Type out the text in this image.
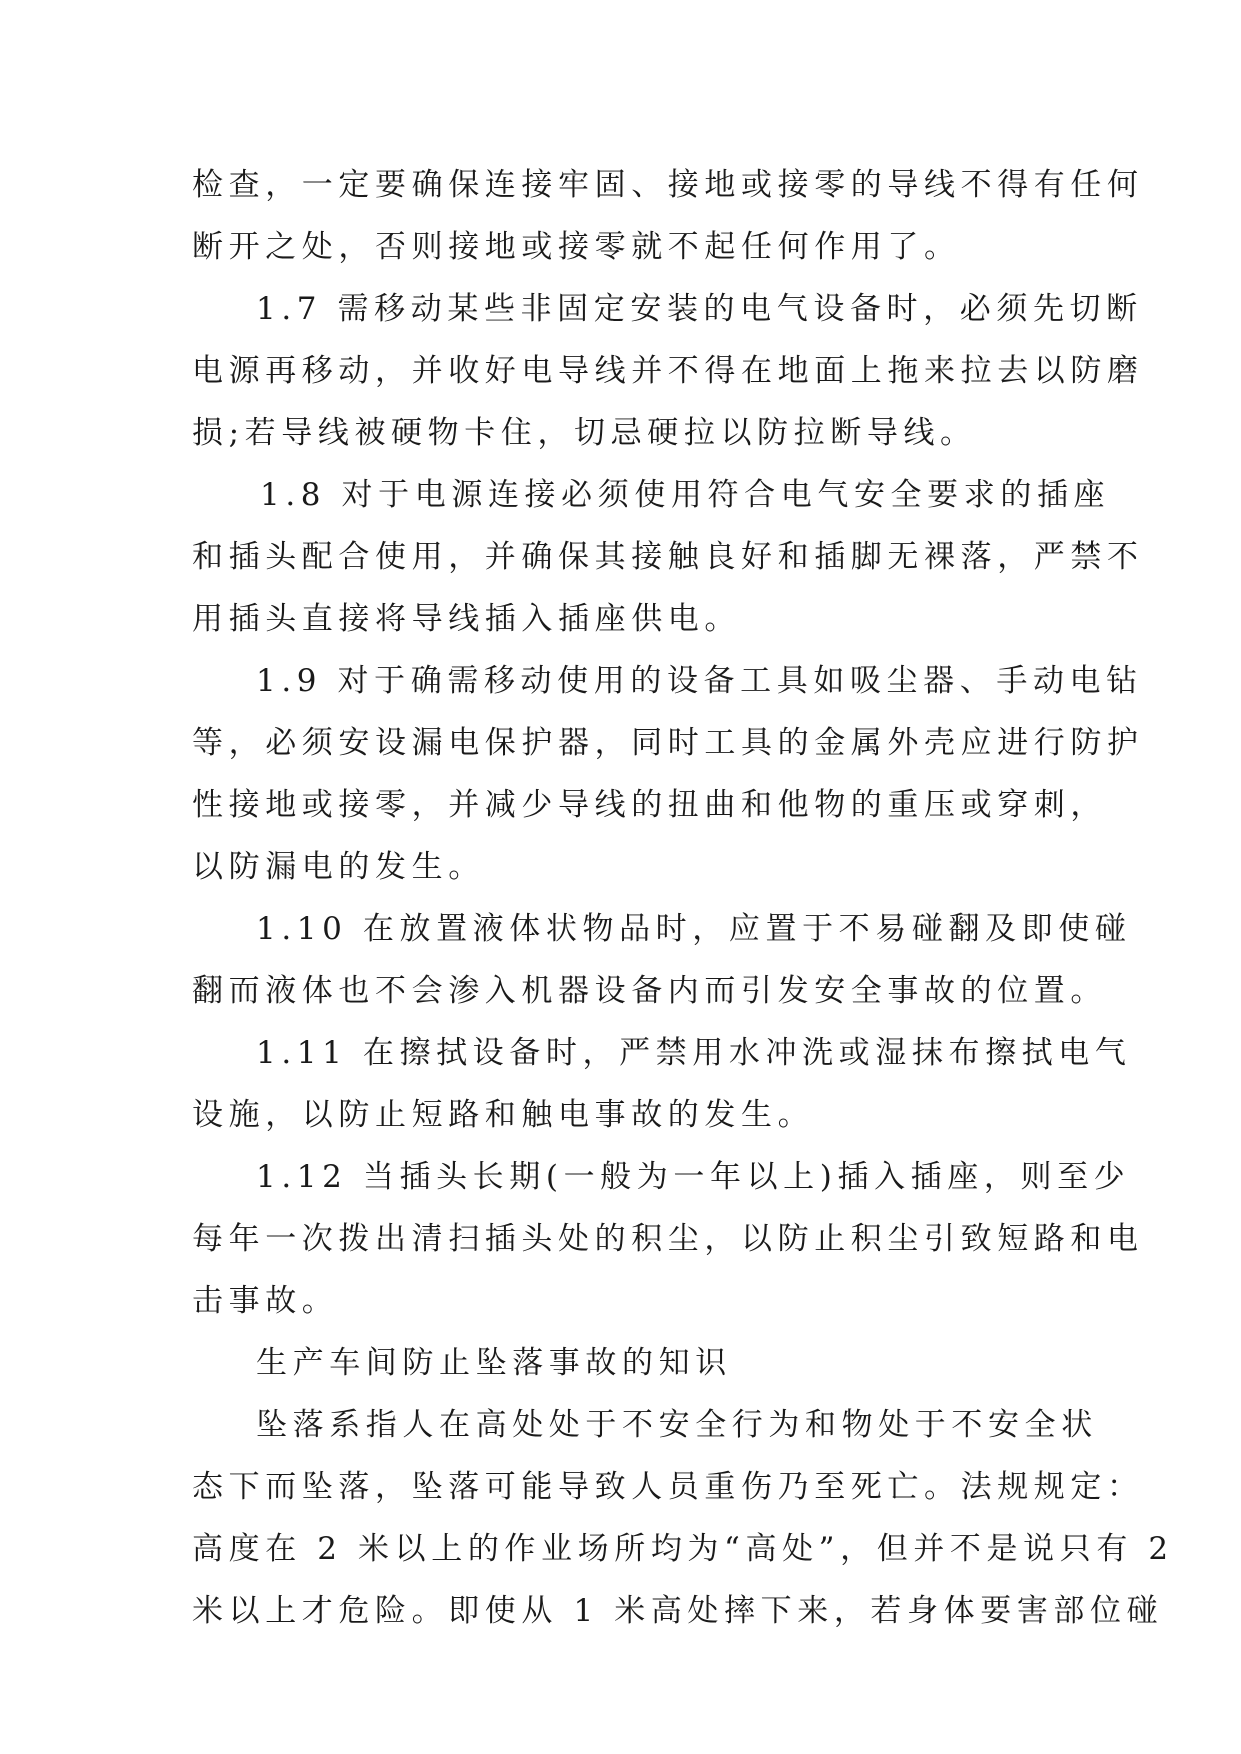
检查，一定要确保连接牢固、接地或接零的导线不得有任何
断开之处，否则接地或接零就不起任何作用了。
1.7 需移动某些非固定安装的电气设备时，必须先切断
电源再移动，并收好电导线并不得在地面上拖来拉去以防磨
损;若导线被硬物卡住，切忌硬拉以防拉断导线。
1.8 对于电源连接必须使用符合电气安全要求的插座
和插头配合使用，并确保其接触良好和插脚无裸落，严禁不
用插头直接将导线插入插座供电。
1.9 对于确需移动使用的设备工具如吸尘器、手动电钻
等，必须安设漏电保护器，同时工具的金属外壳应进行防护
性接地或接零，并减少导线的扭曲和他物的重压或穿刺，
以防漏电的发生。
1.10 在放置液体状物品时，应置于不易碰翻及即使碰
翻而液体也不会渗入机器设备内而引发安全事故的位置。
1.11 在擦拭设备时，严禁用水冲洗或湿抹布擦拭电气
设施，以防止短路和触电事故的发生。
1.12 当插头长期(一般为一年以上)插入插座，则至少
每年一次拨出清扫插头处的积尘，以防止积尘引致短路和电
击事故。
生产车间防止坠落事故的知识
坠落系指人在高处处于不安全行为和物处于不安全状
态下而坠落，坠落可能导致人员重伤乃至死亡。法规规定：
高度在 2 米以上的作业场所均为“高处”，但并不是说只有 2
米以上才危险。即使从 1 米高处摔下来，若身体要害部位碰
